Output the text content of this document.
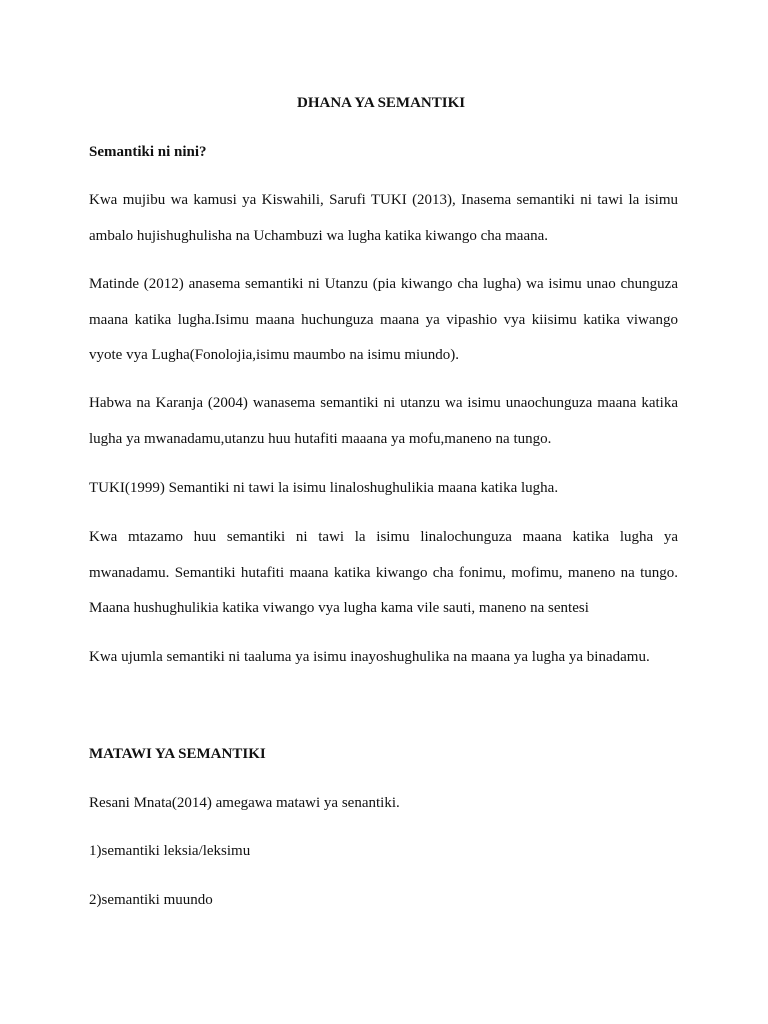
DHANA YA SEMANTIKI

Semantiki ni nini?

Kwa mujibu wa kamusi ya Kiswahili, Sarufi TUKI (2013), Inasema semantiki ni tawi la isimu

ambalo hujishughulisha na Uchambuzi wa lugha katika kiwango cha maana.

Matinde (2012) anasema semantiki ni Utanzu (pia kiwango cha lugha) wa isimu unao chunguza

maana katika lugha.Isimu maana huchunguza maana ya vipashio vya kiisimu katika viwango

vyote vya Lugha(Fonolojia,isimu maumbo na isimu miundo).

Habwa na Karanja (2004) wanasema semantiki ni utanzu wa isimu unaochunguza maana katika

lugha ya mwanadamu,utanzu huu hutafiti maaana ya mofu,maneno na tungo.

TUKI(1999) Semantiki ni tawi la isimu linaloshughulikia maana katika lugha.

Kwa mtazamo huu semantiki ni tawi la isimu linalochunguza maana katika lugha ya

mwanadamu. Semantiki hutafiti maana katika kiwango cha fonimu, mofimu, maneno na tungo.

Maana hushughulikia katika viwango vya lugha kama vile sauti, maneno na sentesi

Kwa ujumla semantiki ni taaluma ya isimu inayoshughulika na maana ya lugha ya binadamu.

MATAWI YA SEMANTIKI

Resani Mnata(2014) amegawa matawi ya senantiki.

1)semantiki leksia/leksimu

2)semantiki muundo
